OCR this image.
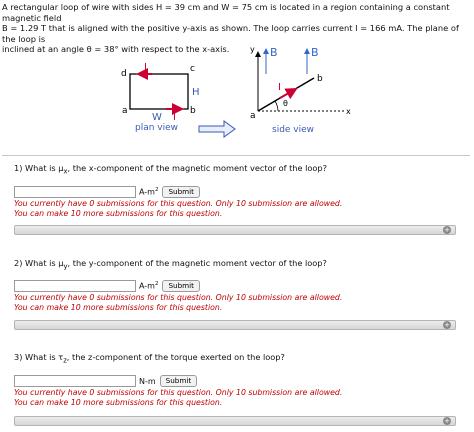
A rectangular loop of wire with sides H = 39 cm and W = 75 cm is located in a region containing a constant magnetic field
B = 1.29 T that is aligned with the positive y-axis as shown. The loop carries current I = 166 mA. The plane of the loop is
inclined at an angle θ = 38° with respect to the x-axis.
I
I
W
H
d	c
a	b
plan view
y
x
B	B
I
θ
b
a
side view
1) What is $\mu_x$, the x-component of the magnetic moment vector of the loop?
$A-m^2$	Submit
You currently have 0 submissions for this question. Only 10 submission are allowed.
You can make 10 more submissions for this question.
+
2) What is $\mu_y$, the y-component of the magnetic moment vector of the loop?
$A-m^2$	Submit
You currently have 0 submissions for this question. Only 10 submission are allowed.
You can make 10 more submissions for this question.
+
3) What is $\tau_z$, the z-component of the torque exerted on the loop?
N-m	Submit
You currently have 0 submissions for this question. Only 10 submission are allowed.
You can make 10 more submissions for this question.
+
